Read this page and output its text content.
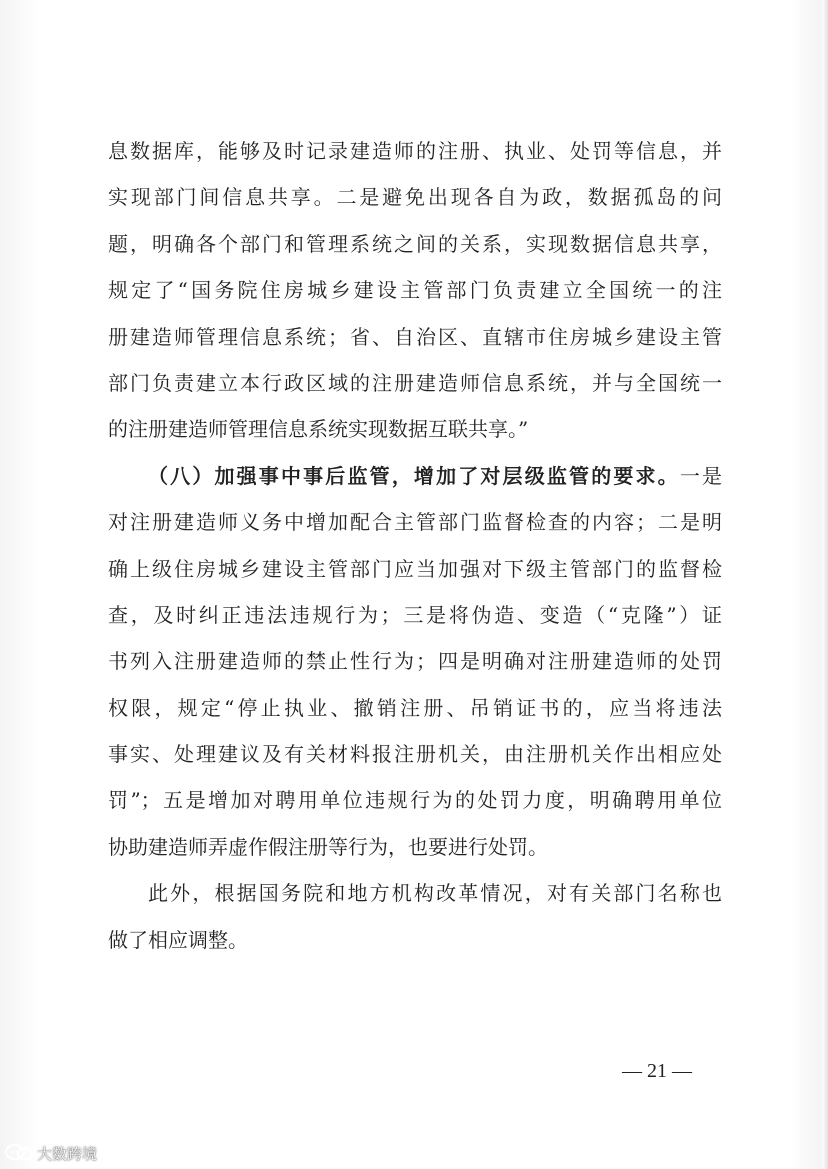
息数据库，能够及时记录建造师的注册、执业、处罚等信息，并
实现部门间信息共享。二是避免出现各自为政，数据孤岛的问
题，明确各个部门和管理系统之间的关系，实现数据信息共享，
规定了“国务院住房城乡建设主管部门负责建立全国统一的注
册建造师管理信息系统；省、自治区、直辖市住房城乡建设主管
部门负责建立本行政区域的注册建造师信息系统，并与全国统一
的注册建造师管理信息系统实现数据互联共享。”
（八）加强事中事后监管，增加了对层级监管的要求。一是
对注册建造师义务中增加配合主管部门监督检查的内容；二是明
确上级住房城乡建设主管部门应当加强对下级主管部门的监督检
查，及时纠正违法违规行为；三是将伪造、变造（“克隆”）证
书列入注册建造师的禁止性行为；四是明确对注册建造师的处罚
权限，规定“停止执业、撤销注册、吊销证书的，应当将违法
事实、处理建议及有关材料报注册机关，由注册机关作出相应处
罚”；五是增加对聘用单位违规行为的处罚力度，明确聘用单位
协助建造师弄虚作假注册等行为，也要进行处罚。
此外，根据国务院和地方机构改革情况，对有关部门名称也
做了相应调整。
— 21 —
大数跨境
